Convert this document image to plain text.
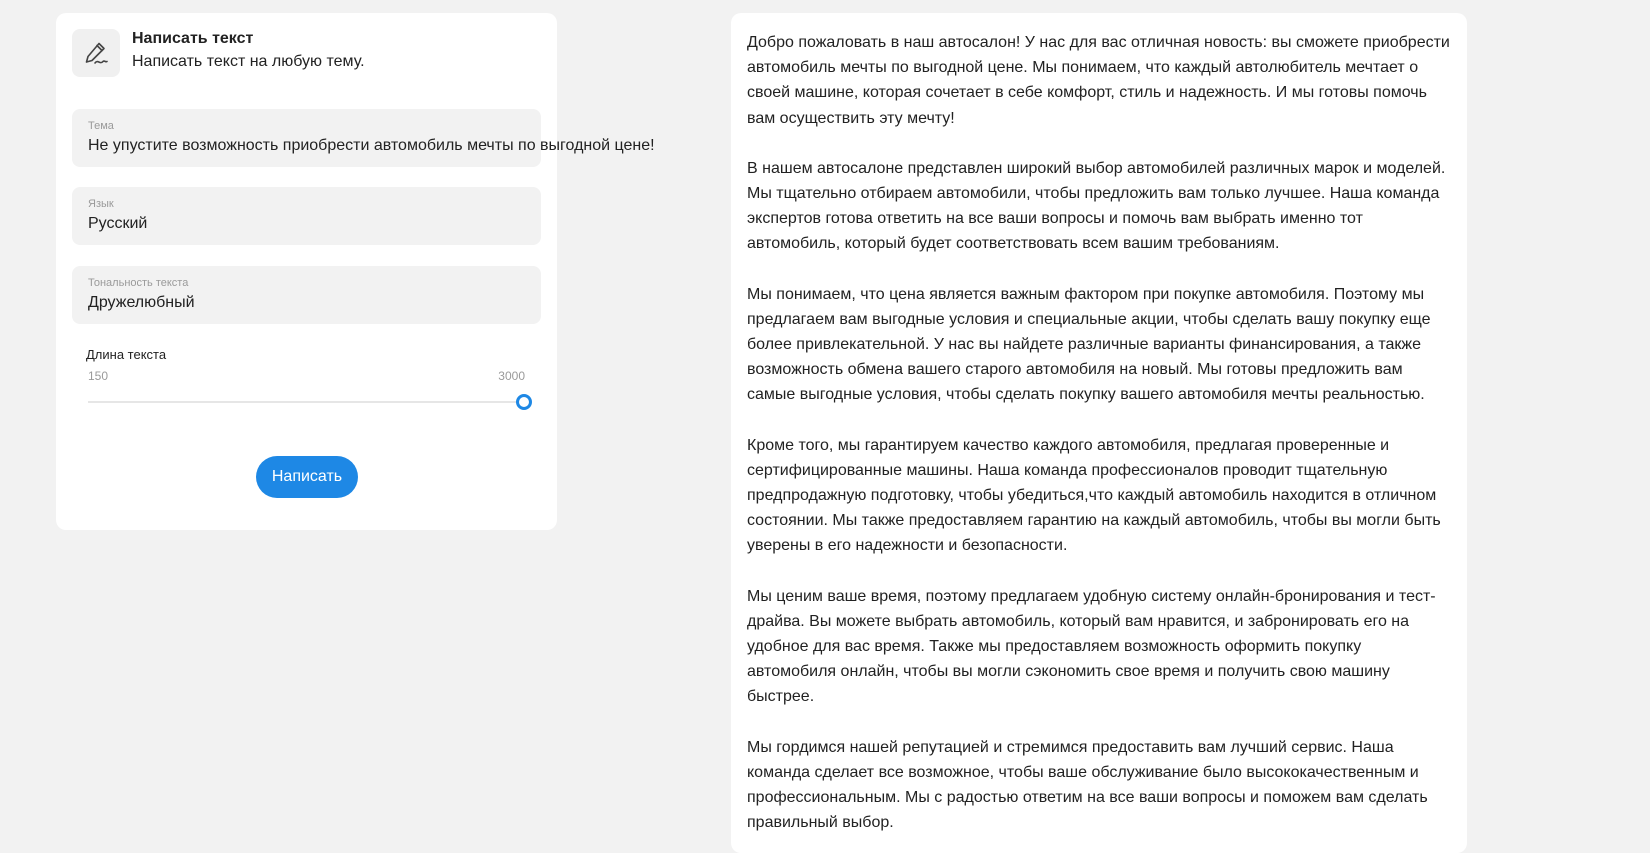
Написать текст
Написать текст на любую тему.
Тема
Не упустите возможность приобрести автомобиль мечты по выгодной цене!
Язык
Русский
Тональность текста
Дружелюбный
Длина текста
150	3000
Написать

Добро пожаловать в наш автосалон! У нас для вас отличная новость: вы сможете приобрести автомобиль мечты по выгодной цене. Мы понимаем, что каждый автолюбитель мечтает о своей машине, которая сочетает в себе комфорт, стиль и надежность. И мы готовы помочь вам осуществить эту мечту!

В нашем автосалоне представлен широкий выбор автомобилей различных марок и моделей. Мы тщательно отбираем автомобили, чтобы предложить вам только лучшее. Наша команда экспертов готова ответить на все ваши вопросы и помочь вам выбрать именно тот автомобиль, который будет соответствовать всем вашим требованиям.

Мы понимаем, что цена является важным фактором при покупке автомобиля. Поэтому мы предлагаем вам выгодные условия и специальные акции, чтобы сделать вашу покупку еще более привлекательной. У нас вы найдете различные варианты финансирования, а также возможность обмена вашего старого автомобиля на новый. Мы готовы предложить вам самые выгодные условия, чтобы сделать покупку вашего автомобиля мечты реальностью.

Кроме того, мы гарантируем качество каждого автомобиля, предлагая проверенные и сертифицированные машины. Наша команда профессионалов проводит тщательную предпродажную подготовку, чтобы убедиться,что каждый автомобиль находится в отличном состоянии. Мы также предоставляем гарантию на каждый автомобиль, чтобы вы могли быть уверены в его надежности и безопасности.

Мы ценим ваше время, поэтому предлагаем удобную систему онлайн-бронирования и тест-драйва. Вы можете выбрать автомобиль, который вам нравится, и забронировать его на удобное для вас время. Также мы предоставляем возможность оформить покупку автомобиля онлайн, чтобы вы могли сэкономить свое время и получить свою машину быстрее.

Мы гордимся нашей репутацией и стремимся предоставить вам лучший сервис. Наша команда сделает все возможное, чтобы ваше обслуживание было высококачественным и профессиональным. Мы с радостью ответим на все ваши вопросы и поможем вам сделать правильный выбор.
